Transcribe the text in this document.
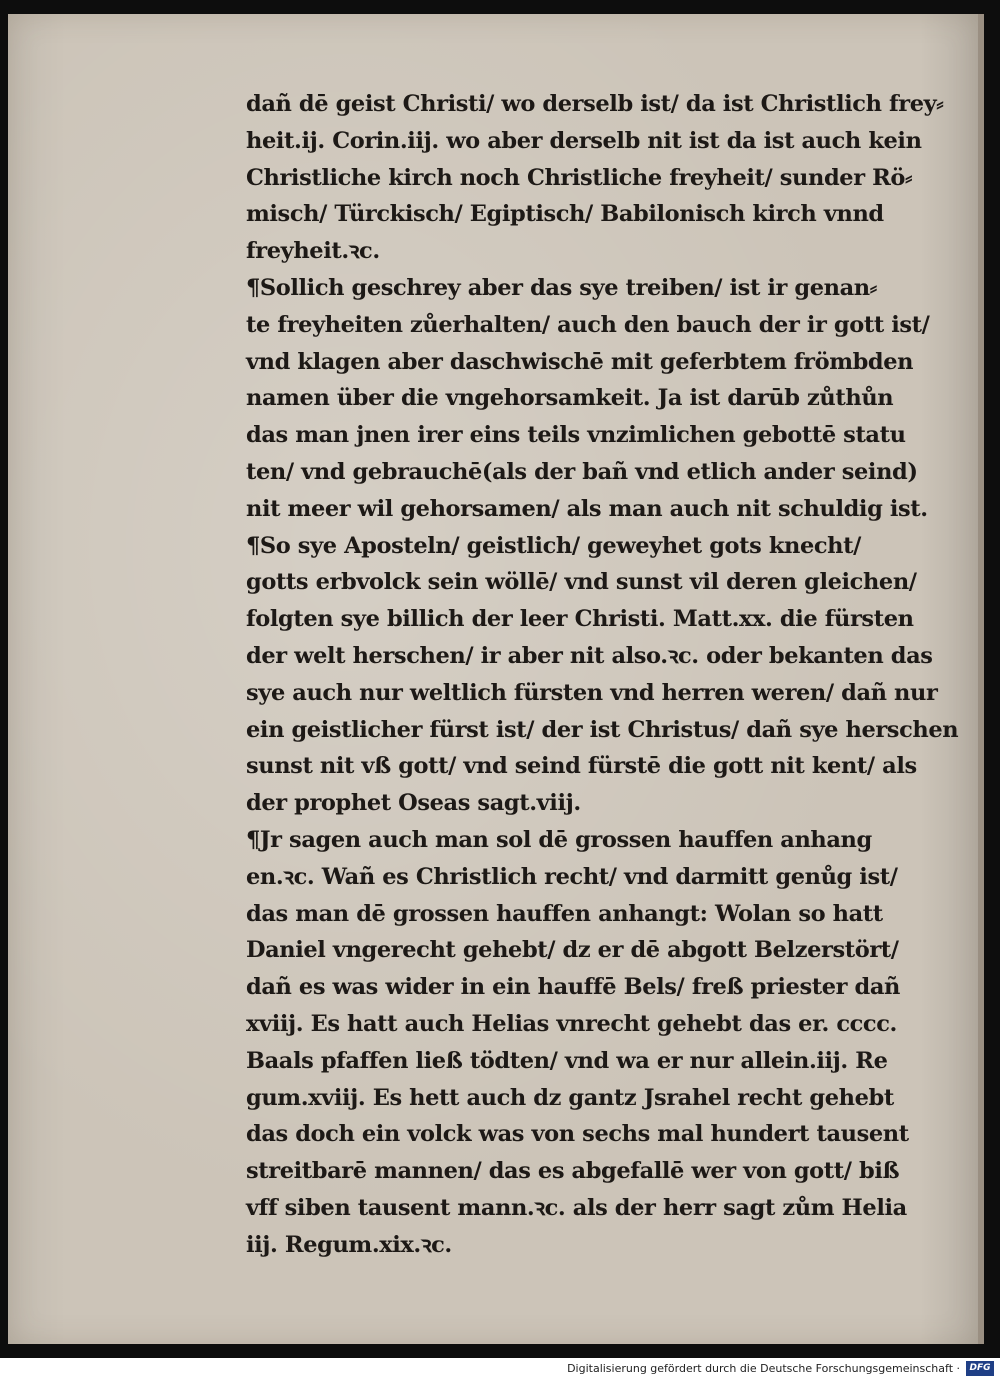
dañ dē geist Christi/ wo derselb ist/ da ist Christlich frey⸗
heit.ij. Corin.iij. wo aber derselb nit ist da ist auch kein
Christliche kirch noch Christliche freyheit/ sunder Rö⸗
misch/ Türckisch/ Egiptisch/ Babilonisch kirch vnnd
freyheit.ꝛc.
¶Sollich geschrey aber das sye treiben/ ist ir genan⸗
te freyheiten zůerhalten/ auch den bauch der ir gott ist/
vnd klagen aber daschwischē mit geferbtem frömbden
namen über die vngehorsamkeit. Ja ist darūb zůthůn
das man jnen irer eins teils vnzimlichen gebottē statu
ten/ vnd gebrauchē(als der bañ vnd etlich ander seind)
nit meer wil gehorsamen/ als man auch nit schuldig ist.
¶So sye Aposteln/ geistlich/ geweyhet gots knecht/
gotts erbvolck sein wöllē/ vnd sunst vil deren gleichen/
folgten sye billich der leer Christi. Matt.xx. die fürsten
der welt herschen/ ir aber nit also.ꝛc. oder bekanten das
sye auch nur weltlich fürsten vnd herren weren/ dañ nur
ein geistlicher fürst ist/ der ist Christus/ dañ sye herschen
sunst nit vß gott/ vnd seind fürstē die gott nit kent/ als
der prophet Oseas sagt.viij.
¶Jr sagen auch man sol dē grossen hauffen anhang
en.ꝛc. Wañ es Christlich recht/ vnd darmitt genůg ist/
das man dē grossen hauffen anhangt: Wolan so hatt
Daniel vngerecht gehebt/ dz er dē abgott Belzerstört/
dañ es was wider in ein hauffē Bels/ freß priester dañ
xviij. Es hatt auch Helias vnrecht gehebt das er. cccc.
Baals pfaffen ließ tödten/ vnd wa er nur allein.iij. Re
gum.xviij. Es hett auch dz gantz Jsrahel recht gehebt
das doch ein volck was von sechs mal hundert tausent
streitbarē mannen/ das es abgefallē wer von gott/ biß
vff siben tausent mann.ꝛc. als der herr sagt zům Helia
iij. Regum.xix.ꝛc.
Digitalisierung gefördert durch die Deutsche Forschungsgemeinschaft ·	DFG
